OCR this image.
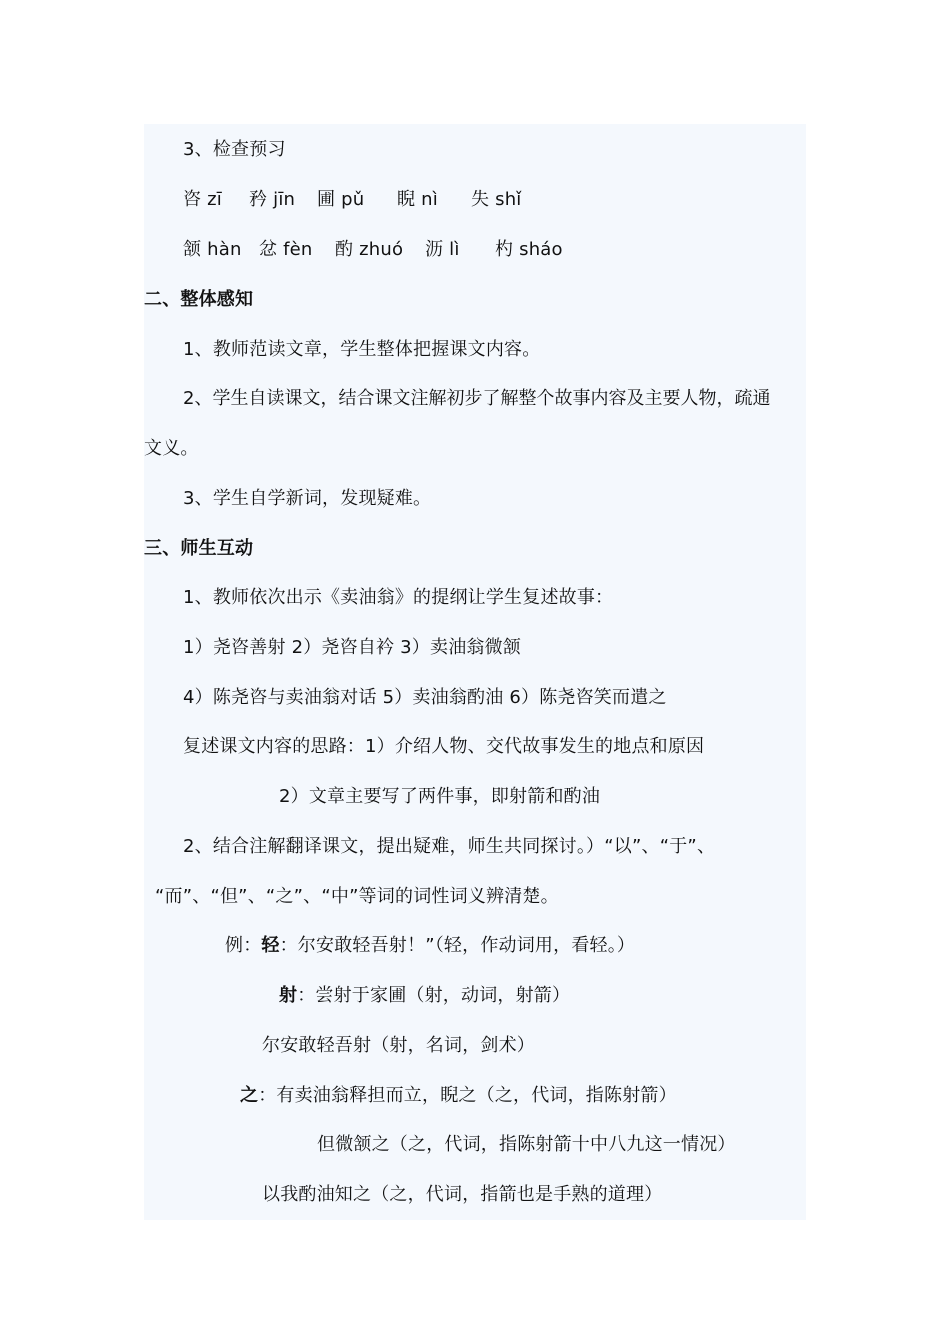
3、检查预习
咨 zī 矜 jīn 圃 pǔ 睨 nì 失 shǐ
颔 hàn 忿 fèn 酌 zhuó 沥 lì 杓 sháo
二、整体感知
1、教师范读文章，学生整体把握课文内容。
2、学生自读课文，结合课文注解初步了解整个故事内容及主要人物，疏通
文义。
3、学生自学新词，发现疑难。
三、师生互动
1、教师依次出示《卖油翁》的提纲让学生复述故事：
1）尧咨善射 2）尧咨自衿 3）卖油翁微颔
4）陈尧咨与卖油翁对话 5）卖油翁酌油 6）陈尧咨笑而遣之
复述课文内容的思路：1）介绍人物、交代故事发生的地点和原因
2）文章主要写了两件事，即射箭和酌油
2、结合注解翻译课文，提出疑难，师生共同探讨。）“以”、“于”、
“而”、“但”、“之”、“中”等词的词性词义辨清楚。
例：轻：尔安敢轻吾射！”（轻，作动词用，看轻。）
射：尝射于家圃（射，动词，射箭）
尔安敢轻吾射（射，名词，剑术）
之：有卖油翁释担而立，睨之（之，代词，指陈射箭）
但微颔之（之，代词，指陈射箭十中八九这一情况）
以我酌油知之（之，代词，指箭也是手熟的道理）
